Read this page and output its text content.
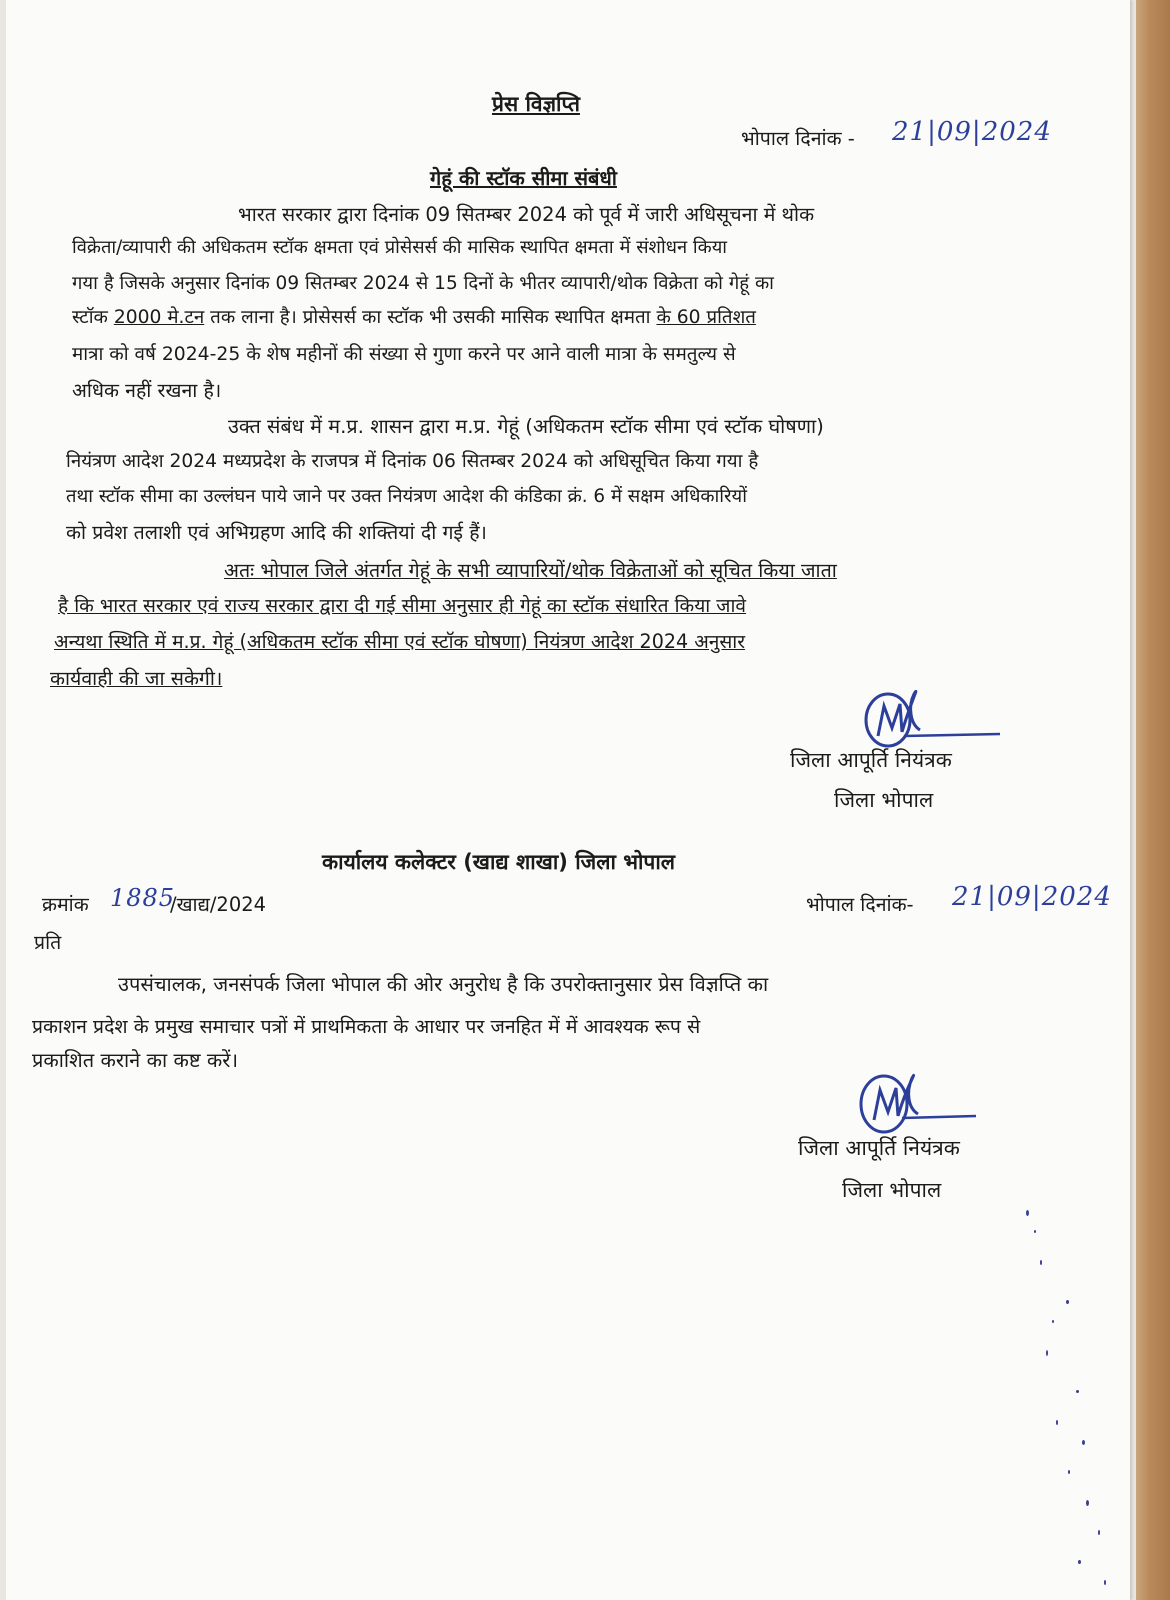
प्रेस विज्ञप्ति
भोपाल दिनांक - 21|09|2024
गेहूं की स्टॉक सीमा संबंधी
भारत सरकार द्वारा दिनांक 09 सितम्बर 2024 को पूर्व में जारी अधिसूचना में थोक
विक्रेता/व्यापारी की अधिकतम स्टॉक क्षमता एवं प्रोसेसर्स की मासिक स्थापित क्षमता में संशोधन किया
गया है जिसके अनुसार दिनांक 09 सितम्बर 2024 से 15 दिनों के भीतर व्यापारी/थोक विक्रेता को गेहूं का
स्टॉक 2000 मे.टन तक लाना है। प्रोसेसर्स का स्टॉक भी उसकी मासिक स्थापित क्षमता के 60 प्रतिशत
मात्रा को वर्ष 2024-25 के शेष महीनों की संख्या से गुणा करने पर आने वाली मात्रा के समतुल्य से
अधिक नहीं रखना है।
उक्त संबंध में म.प्र. शासन द्वारा म.प्र. गेहूं (अधिकतम स्टॉक सीमा एवं स्टॉक घोषणा)
नियंत्रण आदेश 2024 मध्यप्रदेश के राजपत्र में दिनांक 06 सितम्बर 2024 को अधिसूचित किया गया है
तथा स्टॉक सीमा का उल्लंघन पाये जाने पर उक्त नियंत्रण आदेश की कंडिका क्रं. 6 में सक्षम अधिकारियों
को प्रवेश तलाशी एवं अभिग्रहण आदि की शक्तियां दी गई हैं।
अतः भोपाल जिले अंतर्गत गेहूं के सभी व्यापारियों/थोक विक्रेताओं को सूचित किया जाता
है कि भारत सरकार एवं राज्य सरकार द्वारा दी गई सीमा अनुसार ही गेहूं का स्टॉक संधारित किया जावे
अन्यथा स्थिति में म.प्र. गेहूं (अधिकतम स्टॉक सीमा एवं स्टॉक घोषणा) नियंत्रण आदेश 2024 अनुसार
कार्यवाही की जा सकेगी।
जिला आपूर्ति नियंत्रक
जिला भोपाल
कार्यालय कलेक्टर (खाद्य शाखा) जिला भोपाल
क्रमांक 1885
/खाद्य/2024	भोपाल दिनांक- 21|09|2024
प्रति
उपसंचालक, जनसंपर्क जिला भोपाल की ओर अनुरोध है कि उपरोक्तानुसार प्रेस विज्ञप्ति का
प्रकाशन प्रदेश के प्रमुख समाचार पत्रों में प्राथमिकता के आधार पर जनहित में में आवश्यक रूप से
प्रकाशित कराने का कष्ट करें।
जिला आपूर्ति नियंत्रक
जिला भोपाल
